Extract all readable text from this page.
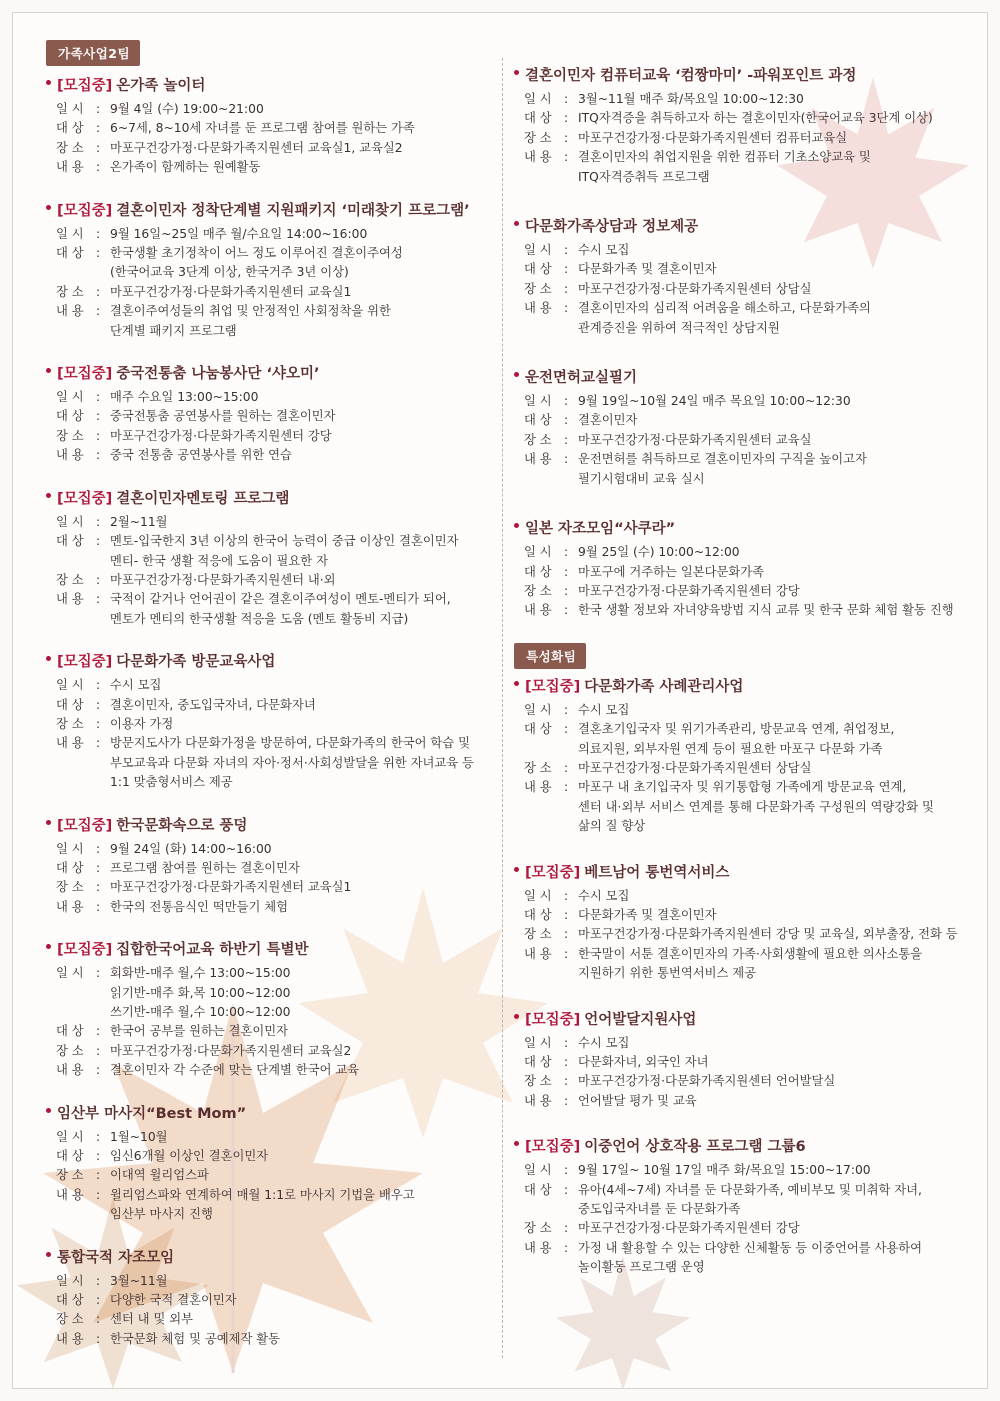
가족사업2팀
[모집중] 온가족 놀이터
일 시	: 9월 4일 (수) 19:00~21:00
대 상	: 6~7세, 8~10세 자녀를 둔 프로그램 참여를 원하는 가족
장 소	: 마포구건강가정·다문화가족지원센터 교육실1, 교육실2
내 용	: 온가족이 함께하는 원예활동
[모집중] 결혼이민자 정착단계별 지원패키지 ‘미래찾기 프로그램’
일 시	: 9월 16일~25일 매주 월/수요일 14:00~16:00
대 상	: 한국생활 초기정착이 어느 정도 이루어진 결혼이주여성
(한국어교육 3단계 이상, 한국거주 3년 이상)
장 소	: 마포구건강가정·다문화가족지원센터 교육실1
내 용	: 결혼이주여성들의 취업 및 안정적인 사회정착을 위한
단계별 패키지 프로그램
[모집중] 중국전통춤 나눔봉사단 ‘샤오미’
일 시	: 매주 수요일 13:00~15:00
대 상	: 중국전통춤 공연봉사를 원하는 결혼이민자
장 소	: 마포구건강가정·다문화가족지원센터 강당
내 용	: 중국 전통춤 공연봉사를 위한 연습
[모집중] 결혼이민자멘토링 프로그램
일 시	: 2월~11월
대 상	: 멘토-입국한지 3년 이상의 한국어 능력이 중급 이상인 결혼이민자
멘티- 한국 생활 적응에 도움이 필요한 자
장 소	: 마포구건강가정·다문화가족지원센터 내·외
내 용	: 국적이 같거나 언어권이 같은 결혼이주여성이 멘토-멘티가 되어,
멘토가 멘티의 한국생활 적응을 도움 (멘토 활동비 지급)
[모집중] 다문화가족 방문교육사업
일 시	: 수시 모집
대 상	: 결혼이민자, 중도입국자녀, 다문화자녀
장 소	: 이용자 가정
내 용	: 방문지도사가 다문화가정을 방문하여, 다문화가족의 한국어 학습 및
부모교육과 다문화 자녀의 자아·정서·사회성발달을 위한 자녀교육 등
1:1 맞춤형서비스 제공
[모집중] 한국문화속으로 풍덩
일 시	: 9월 24일 (화) 14:00~16:00
대 상	: 프로그램 참여를 원하는 결혼이민자
장 소	: 마포구건강가정·다문화가족지원센터 교육실1
내 용	: 한국의 전통음식인 떡만들기 체험
[모집중] 집합한국어교육 하반기 특별반
일 시	: 회화반-매주 월,수 13:00~15:00
읽기반-매주 화,목 10:00~12:00
쓰기반-매주 월,수 10:00~12:00
대 상	: 한국어 공부를 원하는 결혼이민자
장 소	: 마포구건강가정·다문화가족지원센터 교육실2
내 용	: 결혼이민자 각 수준에 맞는 단계별 한국어 교육
임산부 마사지“Best Mom”
일 시	: 1월~10월
대 상	: 임신6개월 이상인 결혼이민자
장 소	: 이대역 윌리엄스파
내 용	: 윌리엄스파와 연계하여 매월 1:1로 마사지 기법을 배우고
임산부 마사지 진행
통합국적 자조모임
일 시	: 3월~11월
대 상	: 다양한 국적 결혼이민자
장 소	: 센터 내 및 외부
내 용	: 한국문화 체험 및 공예제작 활동
결혼이민자 컴퓨터교육 ‘컴짱마미’ -파워포인트 과정
일 시	: 3월~11월 매주 화/목요일 10:00~12:30
대 상	: ITQ자격증을 취득하고자 하는 결혼이민자(한국어교육 3단계 이상)
장 소	: 마포구건강가정·다문화가족지원센터 컴퓨터교육실
내 용	: 결혼이민자의 취업지원을 위한 컴퓨터 기초소양교육 및
ITQ자격증취득 프로그램
다문화가족상담과 정보제공
일 시	: 수시 모집
대 상	: 다문화가족 및 결혼이민자
장 소	: 마포구건강가정·다문화가족지원센터 상담실
내 용	: 결혼이민자의 심리적 어려움을 해소하고, 다문화가족의
관계증진을 위하여 적극적인 상담지원
운전면허교실필기
일 시	: 9월 19일~10월 24일 매주 목요일 10:00~12:30
대 상	: 결혼이민자
장 소	: 마포구건강가정·다문화가족지원센터 교육실
내 용	: 운전면허를 취득하므로 결혼이민자의 구직을 높이고자
필기시험대비 교육 실시
일본 자조모임“사쿠라”
일 시	: 9월 25일 (수) 10:00~12:00
대 상	: 마포구에 거주하는 일본다문화가족
장 소	: 마포구건강가정·다문화가족지원센터 강당
내 용	: 한국 생활 정보와 자녀양육방법 지식 교류 및 한국 문화 체험 활동 진행
특성화팀
[모집중] 다문화가족 사례관리사업
일 시	: 수시 모집
대 상	: 결혼초기입국자 및 위기가족관리, 방문교육 연계, 취업정보,
의료지원, 외부자원 연계 등이 필요한 마포구 다문화 가족
장 소	: 마포구건강가정·다문화가족지원센터 상담실
내 용	: 마포구 내 초기입국자 및 위기통합형 가족에게 방문교육 연계,
센터 내·외부 서비스 연계를 통해 다문화가족 구성원의 역량강화 및
삶의 질 향상
[모집중] 베트남어 통번역서비스
일 시	: 수시 모집
대 상	: 다문화가족 및 결혼이민자
장 소	: 마포구건강가정·다문화가족지원센터 강당 및 교육실, 외부출장, 전화 등
내 용	: 한국말이 서툰 결혼이민자의 가족·사회생활에 필요한 의사소통을
지원하기 위한 통번역서비스 제공
[모집중] 언어발달지원사업
일 시	: 수시 모집
대 상	: 다문화자녀, 외국인 자녀
장 소	: 마포구건강가정·다문화가족지원센터 언어발달실
내 용	: 언어발달 평가 및 교육
[모집중] 이중언어 상호작용 프로그램 그룹6
일 시	: 9월 17일~ 10월 17일 매주 화/목요일 15:00~17:00
대 상	: 유아(4세~7세) 자녀를 둔 다문화가족, 예비부모 및 미취학 자녀,
중도입국자녀를 둔 다문화가족
장 소	: 마포구건강가정·다문화가족지원센터 강당
내 용	: 가정 내 활용할 수 있는 다양한 신체활동 등 이중언어를 사용하여
놀이활동 프로그램 운영
